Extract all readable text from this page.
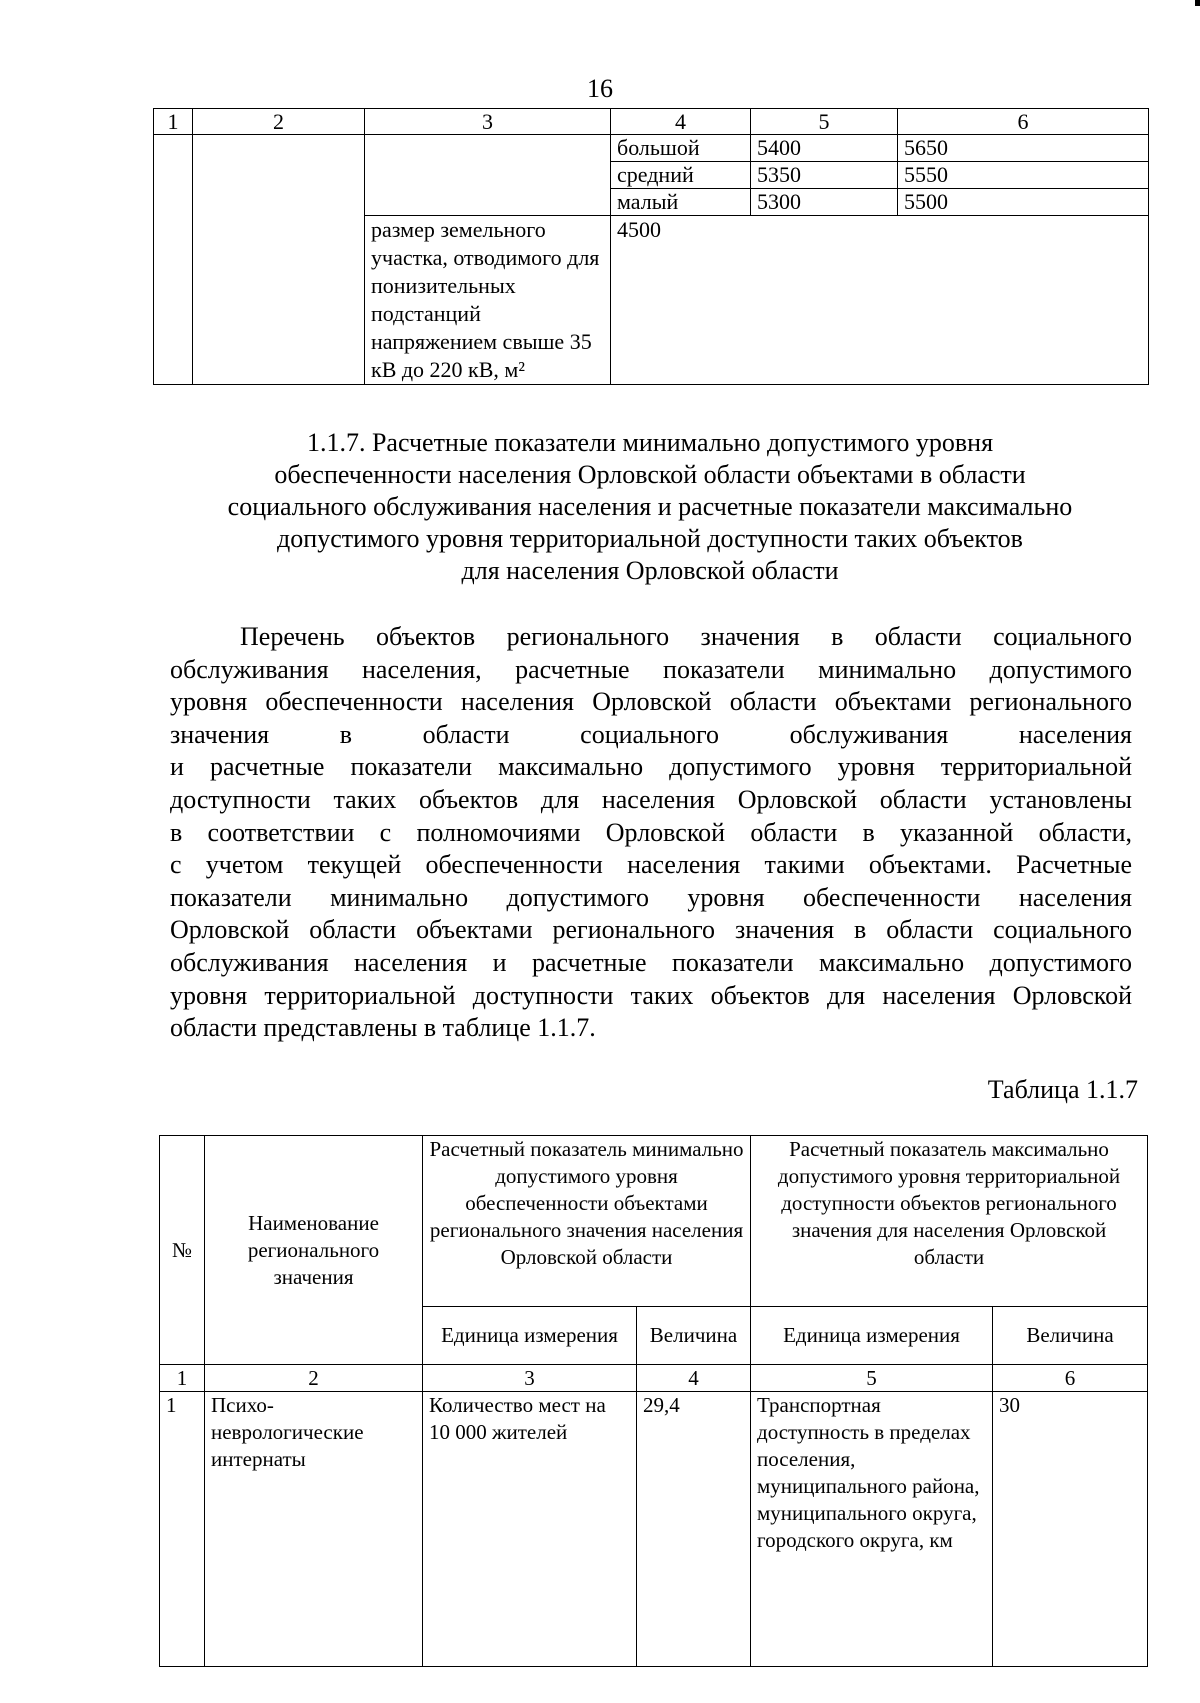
16
1	2	3	4	5	6
			большой	5400	5650
			средний	5350	5550
			малый	5300	5500
		размер земельного участка, отводимого для понизительных подстанций напряжением свыше 35 кВ до 220 кВ, м²	4500		
1.1.7. Расчетные показатели минимально допустимого уровня
обеспеченности населения Орловской области объектами в области
социального обслуживания населения и расчетные показатели максимально
допустимого уровня территориальной доступности таких объектов
для населения Орловской области
Перечень объектов регионального значения в области социального
обслуживания населения, расчетные показатели минимально допустимого
уровня обеспеченности населения Орловской области объектами регионального
значения в области социального обслуживания населения
и расчетные показатели максимально допустимого уровня территориальной
доступности таких объектов для населения Орловской области установлены
в соответствии с полномочиями Орловской области в указанной области,
с учетом текущей обеспеченности населения такими объектами. Расчетные
показатели минимально допустимого уровня обеспеченности населения
Орловской области объектами регионального значения в области социального
обслуживания населения и расчетные показатели максимально допустимого
уровня территориальной доступности таких объектов для населения Орловской
области представлены в таблице 1.1.7.
Таблица 1.1.7
№	Наименование регионального значения	Расчетный показатель минимально допустимого уровня обеспеченности объектами регионального значения населения Орловской области		Расчетный показатель максимально допустимого уровня территориальной доступности объектов регионального значения для населения Орловской области	
		Единица измерения	Величина	Единица измерения	Величина
1	2	3	4	5	6
1	Психо-неврологические интернаты	Количество мест на 10 000 жителей	29,4	Транспортная доступность в пределах поселения, муниципального района, муниципального округа, городского округа, км	30
